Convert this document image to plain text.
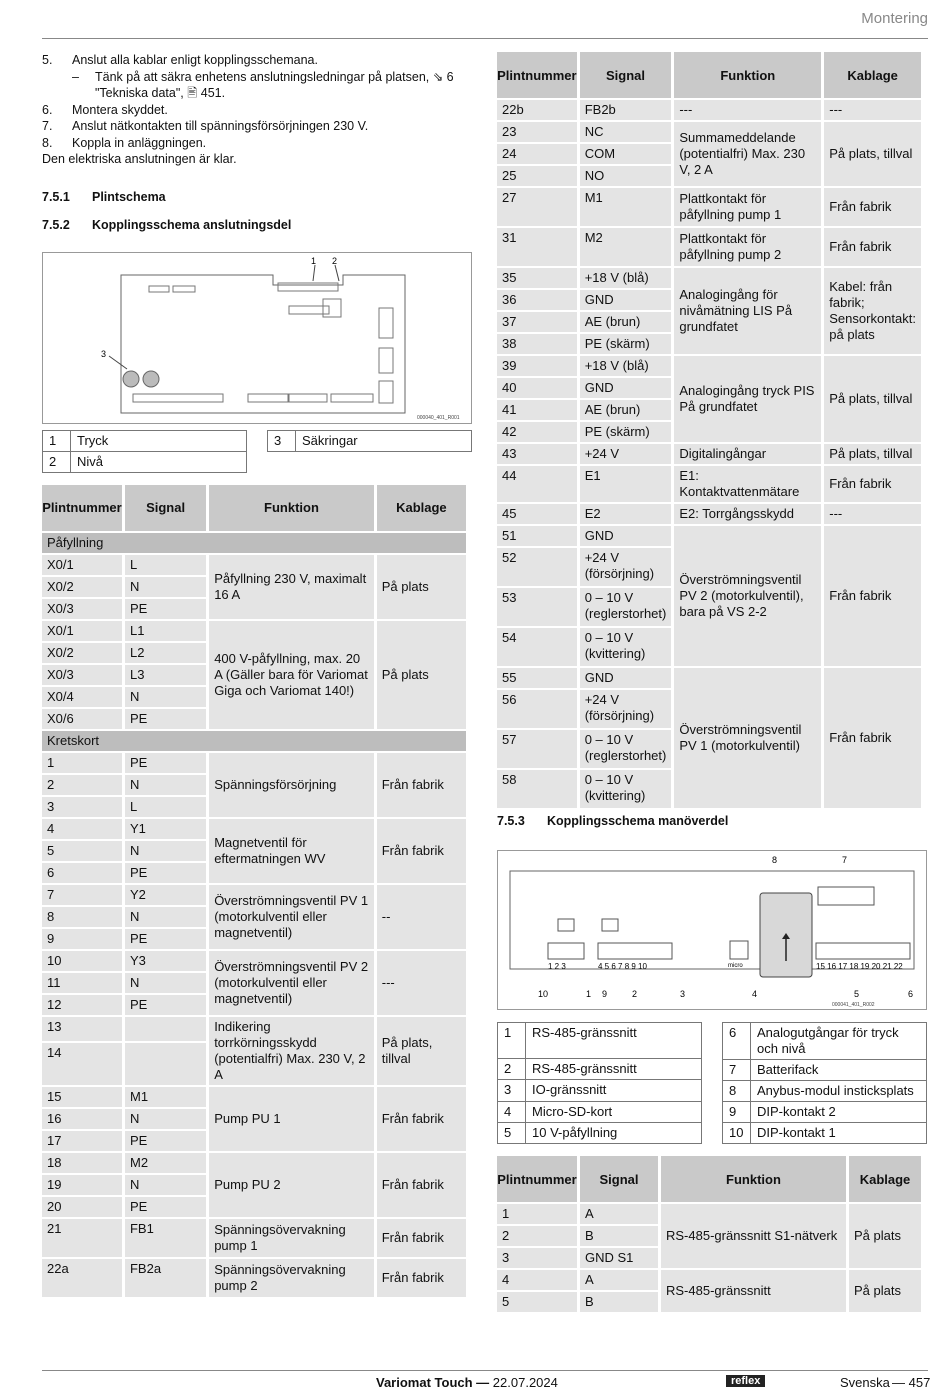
Montering
5.	Anslut alla kablar enligt kopplingsschemana.
–	Tänk på att säkra enhetens anslutningsledningar på platsen, ⇘ 6 "Tekniska data", 🖹 451.
6.	Montera skyddet.
7.	Anslut nätkontakten till spänningsförsörjningen 230 V.
8.	Koppla in anläggningen.
Den elektriska anslutningen är klar.
7.5.1	Plintschema
7.5.2	Kopplingsschema anslutningsdel
1 2
3
000040_401_R001
1	Tryck
2	Nivå
3	Säkringar
Plintnummer	Signal	Funktion	Kablage
Påfyllning			
X0/1	L	Påfyllning 230 V, maximalt 16 A	På plats
X0/2	N		
X0/3	PE		
X0/1	L1	400 V-påfyllning, max. 20 A (Gäller bara för Variomat Giga och Variomat 140!)	På plats
X0/2	L2		
X0/3	L3		
X0/4	N		
X0/6	PE		
Kretskort			
1	PE	Spänningsförsörjning	Från fabrik
2	N		
3	L		
4	Y1	Magnetventil för eftermatningen WV	Från fabrik
5	N		
6	PE		
7	Y2	Överströmningsventil PV 1 (motorkulventil eller magnetventil)	--
8	N		
9	PE		
10	Y3	Överströmningsventil PV 2 (motorkulventil eller magnetventil)	---
11	N		
12	PE		
13		Indikering torrkörningsskydd (potentialfri) Max. 230 V, 2 A	På plats, tillval
14			
15	M1	Pump PU 1	Från fabrik
16	N		
17	PE		
18	M2	Pump PU 2	Från fabrik
19	N		
20	PE		
21	FB1	Spänningsövervakning pump 1	Från fabrik
22a	FB2a	Spänningsövervakning pump 2	Från fabrik
Plintnummer	Signal	Funktion	Kablage
22b	FB2b	---	---
23	NC	Summameddelande (potentialfri) Max. 230 V, 2 A	På plats, tillval
24	COM		
25	NO		
27	M1	Plattkontakt för påfyllning pump 1	Från fabrik
31	M2	Plattkontakt för påfyllning pump 2	Från fabrik
35	+18 V (blå)	Analogingång för nivåmätning LIS På grundfatet	Kabel: från fabrik; Sensorkontakt: på plats
36	GND		
37	AE (brun)		
38	PE (skärm)		
39	+18 V (blå)	Analogingång tryck PIS På grundfatet	På plats, tillval
40	GND		
41	AE (brun)		
42	PE (skärm)		
43	+24 V	Digitalingångar	På plats, tillval
44	E1	E1: Kontaktvattenmätare	Från fabrik
45	E2	E2: Torrgångsskydd	---
51	GND	Överströmningsventil PV 2 (motorkulventil), bara på VS 2-2	Från fabrik
52	+24 V (försörjning)		
53	0 – 10 V (reglerstorhet)		
54	0 – 10 V (kvittering)		
55	GND	Överströmningsventil PV 1 (motorkulventil)	Från fabrik
56	+24 V (försörjning)		
57	0 – 10 V (reglerstorhet)		
58	0 – 10 V (kvittering)		
7.5.3	Kopplingsschema manöverdel
1 2 3	4 5 6 7 8 9 10	15 16 17 18 19 20 21 22
micro
8	7
10	1 9	2	3	4	5	6
000041_401_R002
1	RS-485-gränssnitt
2	RS-485-gränssnitt
3	IO-gränssnitt
4	Micro-SD-kort
5	10 V-påfyllning
6	Analogutgångar för tryck och nivå
7	Batterifack
8	Anybus-modul insticksplats
9	DIP-kontakt 2
10	DIP-kontakt 1
Plintnummer	Signal	Funktion	Kablage
1	A	RS-485-gränssnitt S1-nätverk	På plats
2	B		
3	GND S1		
4	A	RS-485-gränssnitt	På plats
5	B		
Variomat Touch — 22.07.2024	reflex	Svenska — 457
